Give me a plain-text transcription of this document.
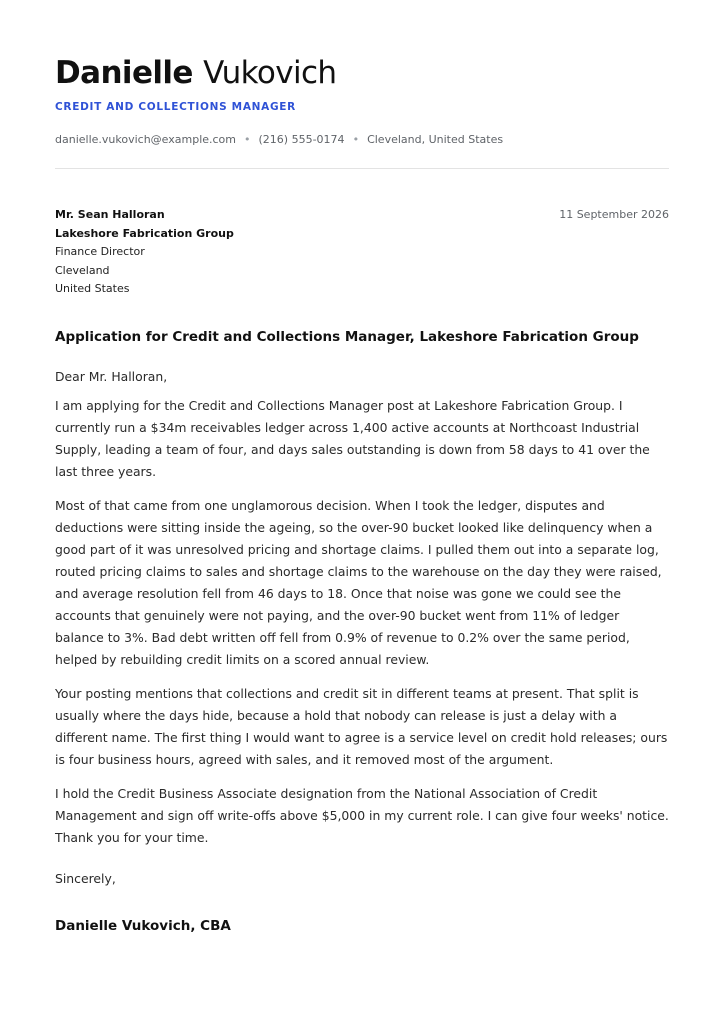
Danielle Vukovich

CREDIT AND COLLECTIONS MANAGER

danielle.vukovich@example.com • (216) 555-0174 • Cleveland, United States

Mr. Sean Halloran
Lakeshore Fabrication Group
Finance Director
Cleveland
United States

11 September 2026

Application for Credit and Collections Manager, Lakeshore Fabrication Group

Dear Mr. Halloran,

I am applying for the Credit and Collections Manager post at Lakeshore Fabrication Group. I currently run a $34m receivables ledger across 1,400 active accounts at Northcoast Industrial Supply, leading a team of four, and days sales outstanding is down from 58 days to 41 over the last three years.

Most of that came from one unglamorous decision. When I took the ledger, disputes and deductions were sitting inside the ageing, so the over-90 bucket looked like delinquency when a good part of it was unresolved pricing and shortage claims. I pulled them out into a separate log, routed pricing claims to sales and shortage claims to the warehouse on the day they were raised, and average resolution fell from 46 days to 18. Once that noise was gone we could see the accounts that genuinely were not paying, and the over-90 bucket went from 11% of ledger balance to 3%. Bad debt written off fell from 0.9% of revenue to 0.2% over the same period, helped by rebuilding credit limits on a scored annual review.

Your posting mentions that collections and credit sit in different teams at present. That split is usually where the days hide, because a hold that nobody can release is just a delay with a different name. The first thing I would want to agree is a service level on credit hold releases; ours is four business hours, agreed with sales, and it removed most of the argument.

I hold the Credit Business Associate designation from the National Association of Credit Management and sign off write-offs above $5,000 in my current role. I can give four weeks' notice. Thank you for your time.

Sincerely,

Danielle Vukovich, CBA
